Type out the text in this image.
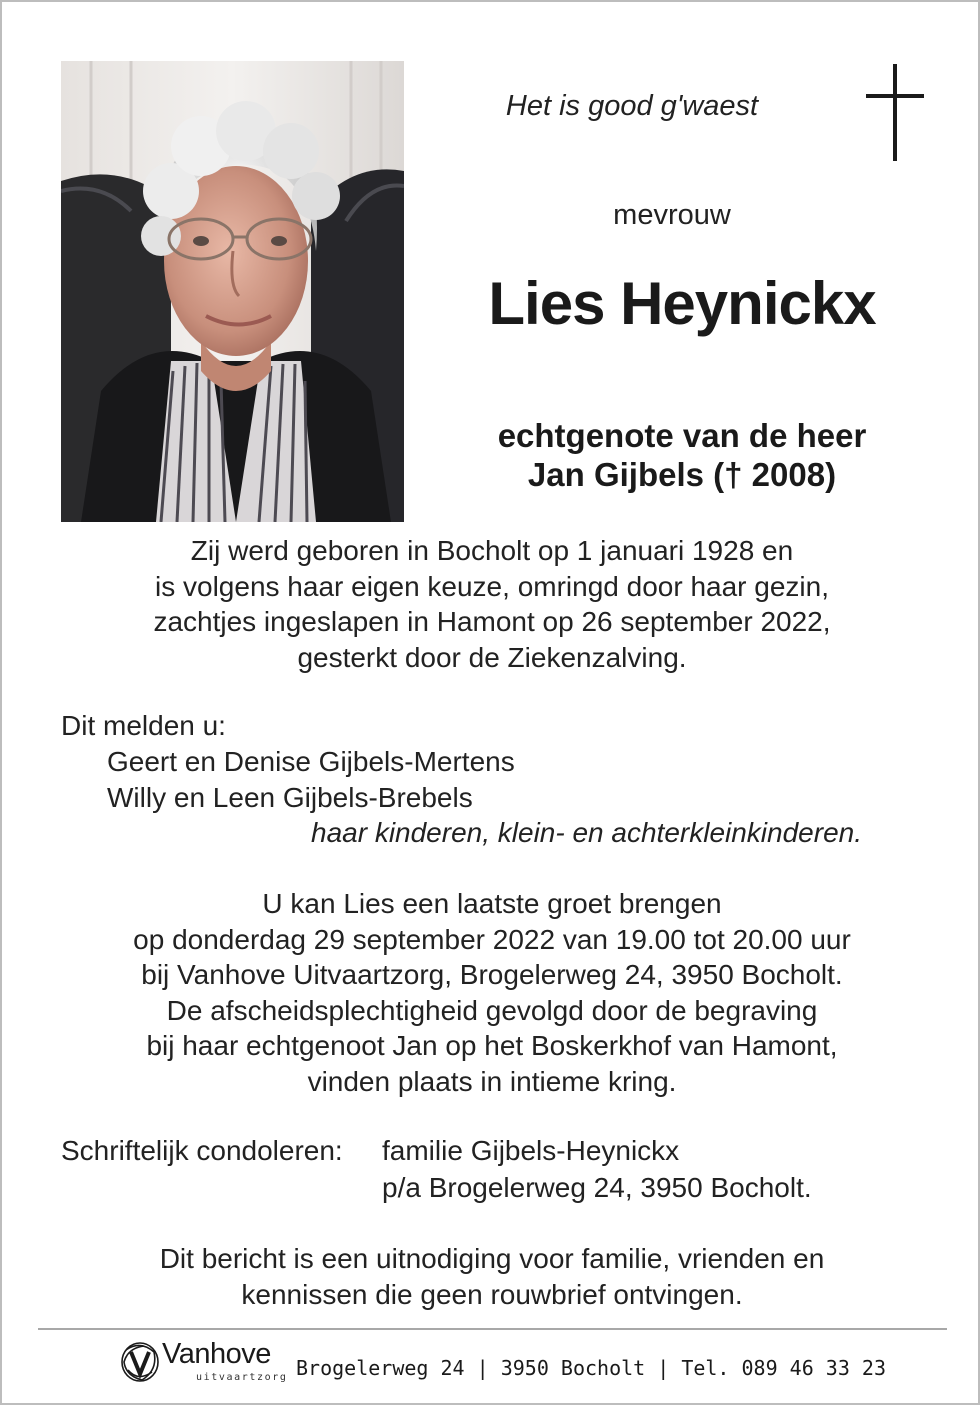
Het is good g'waest
mevrouw
Lies Heynickx
echtgenote van de heer
Jan Gijbels († 2008)
Zij werd geboren in Bocholt op 1 januari 1928 en
is volgens haar eigen keuze, omringd door haar gezin,
zachtjes ingeslapen in Hamont op 26 september 2022,
gesterkt door de Ziekenzalving.
Dit melden u:
Geert en Denise Gijbels-Mertens
Willy en Leen Gijbels-Brebels
haar kinderen, klein- en achterkleinkinderen.
U kan Lies een laatste groet brengen
op donderdag 29 september 2022 van 19.00 tot 20.00 uur
bij Vanhove Uitvaartzorg, Brogelerweg 24, 3950 Bocholt.
De afscheidsplechtigheid gevolgd door de begraving
bij haar echtgenoot Jan op het Boskerkhof van Hamont,
vinden plaats in intieme kring.
Schriftelijk condoleren: familie Gijbels-Heynickx
p/a Brogelerweg 24, 3950 Bocholt.
Dit bericht is een uitnodiging voor familie, vrienden en
kennissen die geen rouwbrief ontvingen.
Vanhove
uitvaartzorg Brogelerweg 24 | 3950 Bocholt | Tel. 089 46 33 23
